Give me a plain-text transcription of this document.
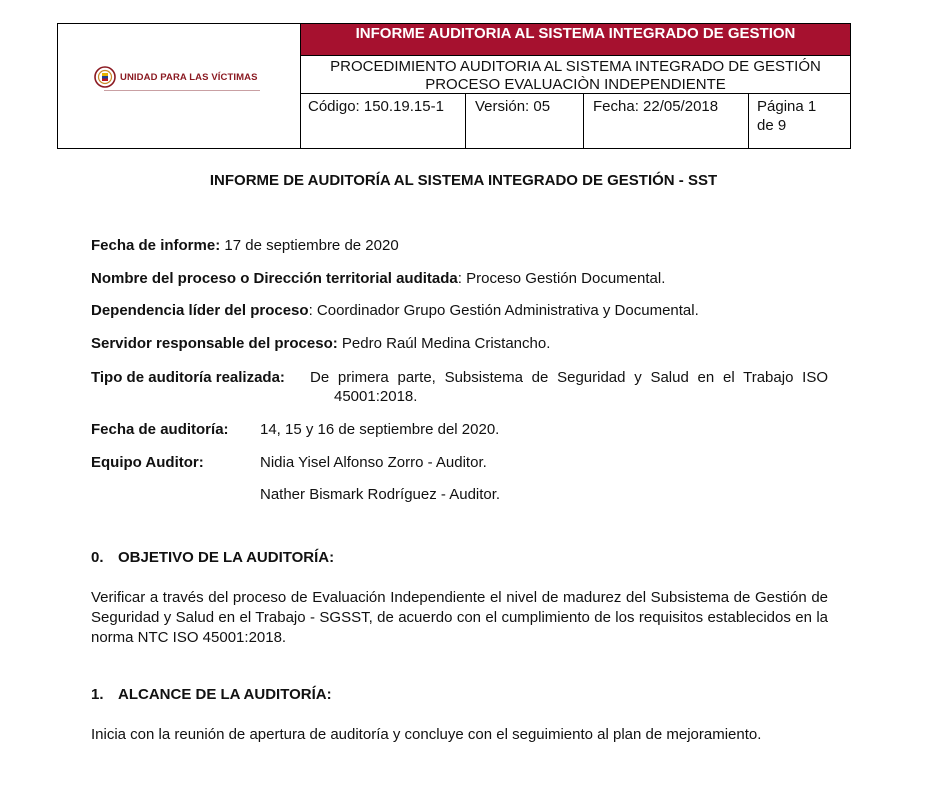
UNIDAD PARA LAS VÍCTIMAS
INFORME AUDITORIA AL SISTEMA INTEGRADO DE GESTION
PROCEDIMIENTO AUDITORIA AL SISTEMA INTEGRADO DE GESTIÓN
PROCESO EVALUACIÒN INDEPENDIENTE
Código: 150.19.15-1	Versión: 05	Fecha: 22/05/2018	Página 1 de 9
INFORME DE AUDITORÍA AL SISTEMA INTEGRADO DE GESTIÓN - SST
Fecha de informe: 17 de septiembre de 2020
Nombre del proceso o Dirección territorial auditada: Proceso Gestión Documental.
Dependencia líder del proceso: Coordinador Grupo Gestión Administrativa y Documental.
Servidor responsable del proceso: Pedro Raúl Medina Cristancho.
Tipo de auditoría realizada: De primera parte, Subsistema de Seguridad y Salud en el Trabajo ISO
45001:2018.
Fecha de auditoría: 14, 15 y 16 de septiembre del 2020.
Equipo Auditor:	Nidia Yisel Alfonso Zorro - Auditor.
Nather Bismark Rodríguez - Auditor.
0. OBJETIVO DE LA AUDITORÍA:
Verificar a través del proceso de Evaluación Independiente el nivel de madurez del Subsistema de Gestión de Seguridad y Salud en el Trabajo - SGSST, de acuerdo con el cumplimiento de los requisitos establecidos en la norma NTC ISO 45001:2018.
1. ALCANCE DE LA AUDITORÍA:
Inicia con la reunión de apertura de auditoría y concluye con el seguimiento al plan de mejoramiento.
